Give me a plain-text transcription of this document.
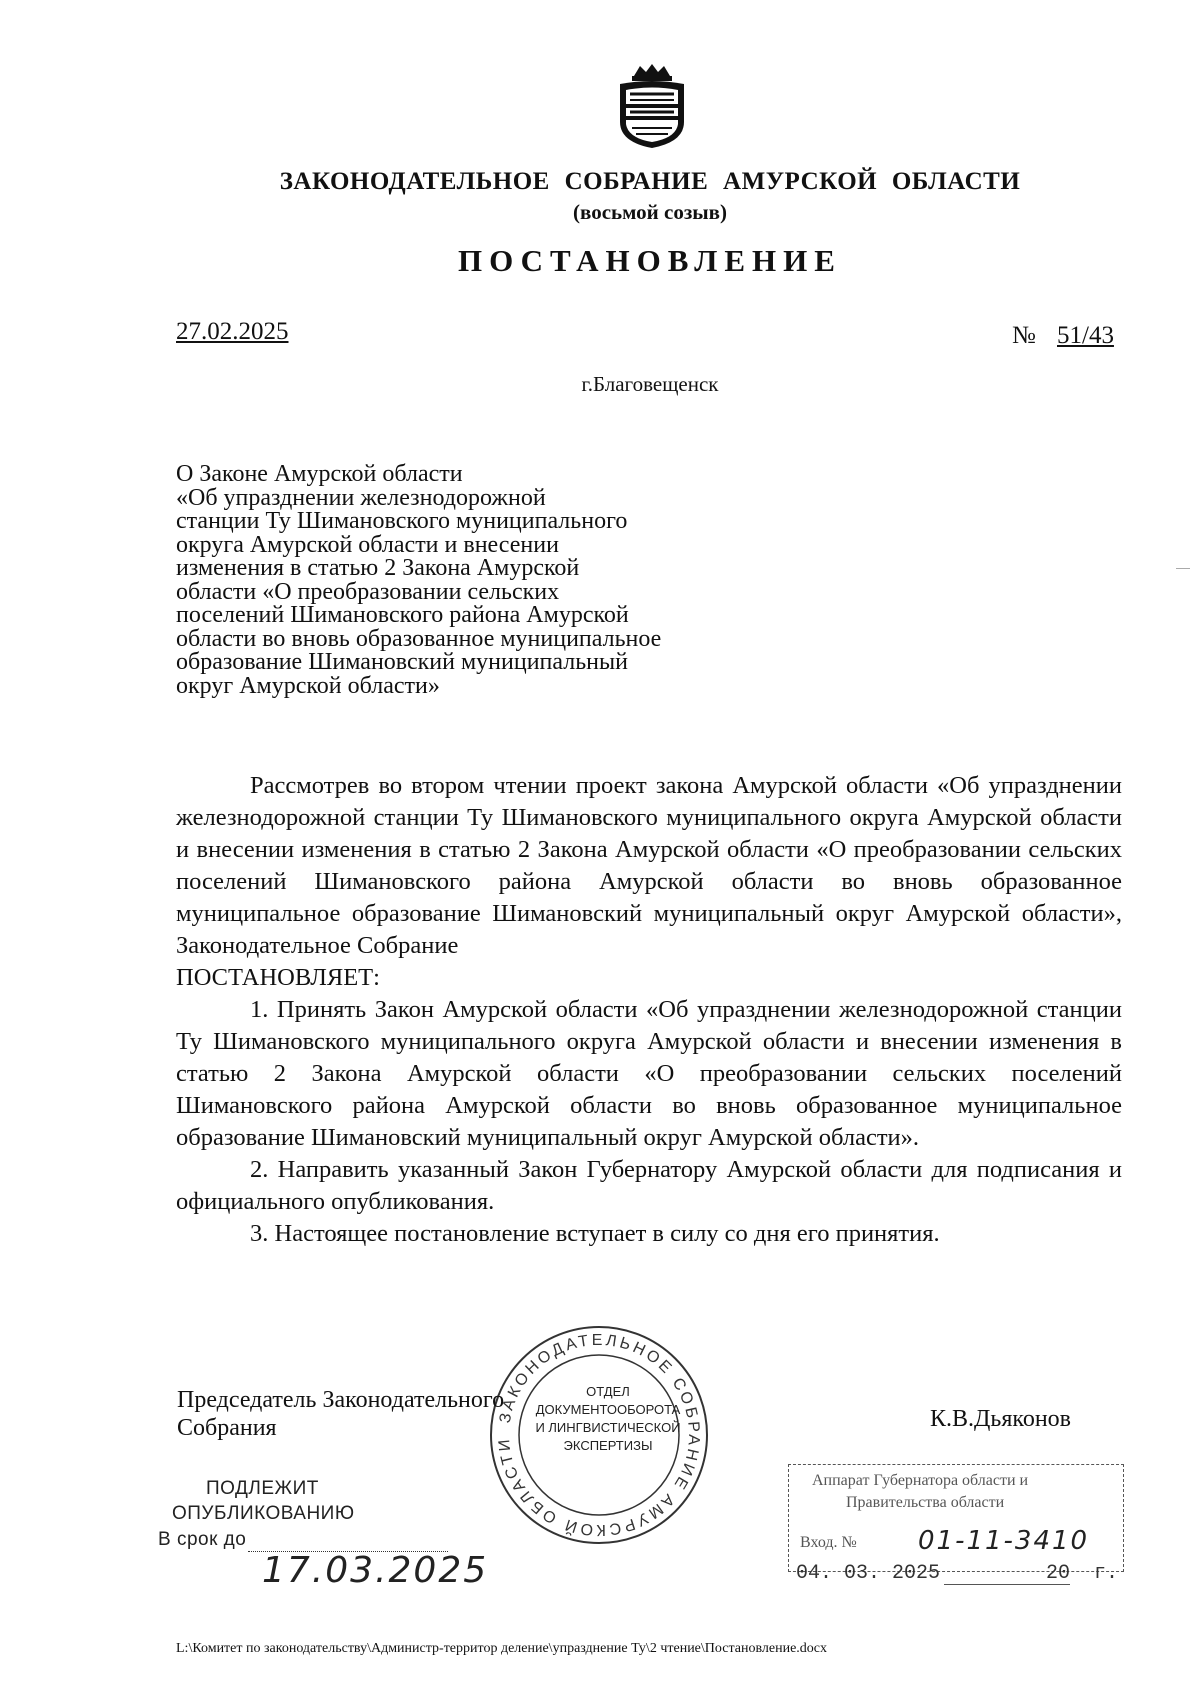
ЗАКОНОДАТЕЛЬНОЕ СОБРАНИЕ АМУРСКОЙ ОБЛАСТИ
(восьмой созыв)
ПОСТАНОВЛЕНИЕ
27.02.2025	№ 51/43
г.Благовещенск
О Законе Амурской области
«Об упразднении железнодорожной
станции Ту Шимановского муниципального
округа Амурской области и внесении
изменения в статью 2 Закона Амурской
области «О преобразовании сельских
поселений Шимановского района Амурской
области во вновь образованное муниципальное
образование Шимановский муниципальный
округ Амурской области»

Рассмотрев во втором чтении проект закона Амурской области «Об упразднении железнодорожной станции Ту Шимановского муниципального округа Амурской области и внесении изменения в статью 2 Закона Амурской области «О преобразовании сельских поселений Шимановского района Амурской области во вновь образованное муниципальное образование Шимановский муниципальный округ Амурской области», Законодательное Собрание

ПОСТАНОВЛЯЕТ:

1. Принять Закон Амурской области «Об упразднении железнодорожной станции Ту Шимановского муниципального округа Амурской области и внесении изменения в статью 2 Закона Амурской области «О преобразовании сельских поселений Шимановского района Амурской области во вновь образованное муниципальное образование Шимановский муниципальный округ Амурской области».

2. Направить указанный Закон Губернатору Амурской области для подписания и официального опубликования.

3. Настоящее постановление вступает в силу со дня его принятия.

ЗАКОНОДАТЕЛЬНОЕ СОБРАНИЕ АМУРСКОЙ ОБЛАСТИ
ОТДЕЛ
ДОКУМЕНТООБОРОТА
И ЛИНГВИСТИЧЕСКОЙ
ЭКСПЕРТИЗЫ
Председатель Законодательного
Собрания	К.В.Дьяконов
ПОДЛЕЖИТ
ОПУБЛИКОВАНИЮ
В срок до
17.03.2025
Аппарат Губернатора области и
Правительства области
Вход. № 01-11-3410
04. 03. 2025	20 г.
L:\Комитет по законодательству\Администр-территор деление\упразднение Ту\2 чтение\Постановление.docx
